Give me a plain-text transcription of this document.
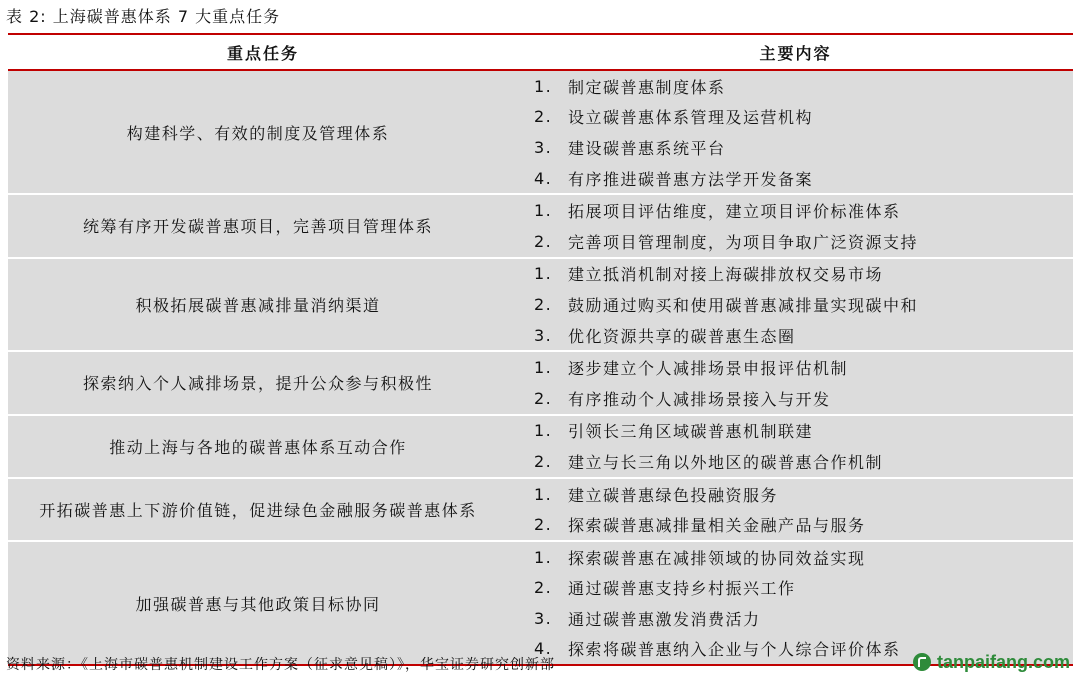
表 2: 上海碳普惠体系 7 大重点任务
重点任务	主要内容
构建科学、有效的制度及管理体系
1. 制定碳普惠制度体系
2. 设立碳普惠体系管理及运营机构
3. 建设碳普惠系统平台
4. 有序推进碳普惠方法学开发备案
统筹有序开发碳普惠项目，完善项目管理体系
1. 拓展项目评估维度，建立项目评价标准体系
2. 完善项目管理制度，为项目争取广泛资源支持
积极拓展碳普惠减排量消纳渠道
1. 建立抵消机制对接上海碳排放权交易市场
2. 鼓励通过购买和使用碳普惠减排量实现碳中和
3. 优化资源共享的碳普惠生态圈
探索纳入个人减排场景，提升公众参与积极性
1. 逐步建立个人减排场景申报评估机制
2. 有序推动个人减排场景接入与开发
推动上海与各地的碳普惠体系互动合作
1. 引领长三角区域碳普惠机制联建
2. 建立与长三角以外地区的碳普惠合作机制
开拓碳普惠上下游价值链，促进绿色金融服务碳普惠体系
1. 建立碳普惠绿色投融资服务
2. 探索碳普惠减排量相关金融产品与服务
加强碳普惠与其他政策目标协同
1. 探索碳普惠在减排领域的协同效益实现
2. 通过碳普惠支持乡村振兴工作
3. 通过碳普惠激发消费活力
4. 探索将碳普惠纳入企业与个人综合评价体系
资料来源：《上海市碳普惠机制建设工作方案（征求意见稿）》，华宝证券研究创新部	tanpaifang.com
